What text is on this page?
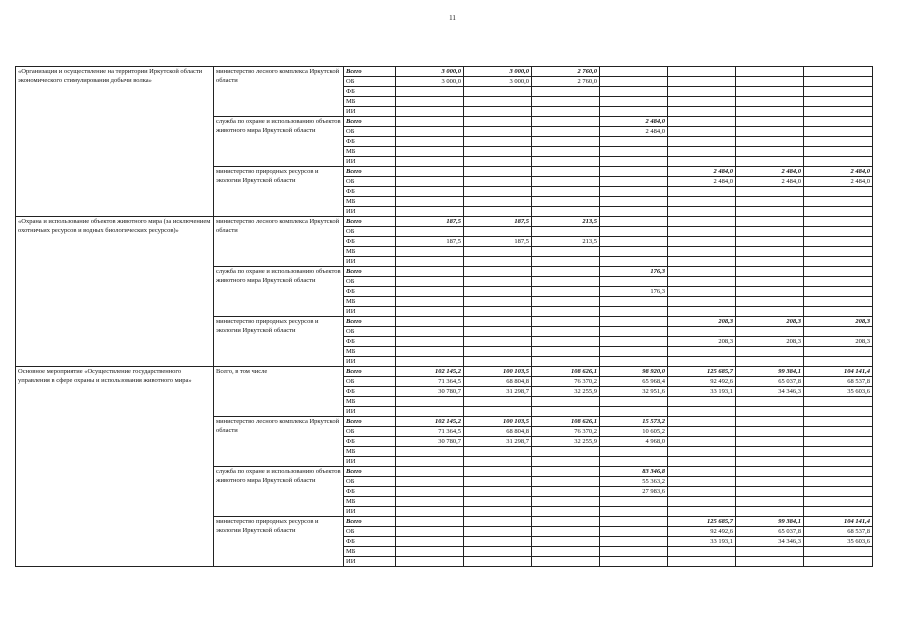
11
«Организация и осуществление на территории Иркутской области экономического стимулирования добычи волка»	министерство лесного комплекса Иркутской области	Всего	3 000,0	3 000,0	2 760,0				
		ОБ	3 000,0	3 000,0	2 760,0				
		ФБ							
		МБ							
		ИИ							
	служба по охране и использованию объектов животного мира Иркутской области	Всего				2 484,0			
		ОБ				2 484,0			
		ФБ							
		МБ							
		ИИ							
	министерство природных ресурсов и экологии Иркутской области	Всего					2 484,0	2 484,0	2 484,0
		ОБ					2 484,0	2 484,0	2 484,0
		ФБ							
		МБ							
		ИИ							
«Охрана и использование объектов животного мира (за исключением охотничьих ресурсов и водных биологических ресурсов)»	министерство лесного комплекса Иркутской области	Всего	187,5	187,5	213,5				
		ОБ							
		ФБ	187,5	187,5	213,5				
		МБ							
		ИИ							
	служба по охране и использованию объектов животного мира Иркутской области	Всего				176,3			
		ОБ							
		ФБ				176,3			
		МБ							
		ИИ							
	министерство природных ресурсов и экологии Иркутской области	Всего					208,3	208,3	208,3
		ОБ							
		ФБ					208,3	208,3	208,3
		МБ							
		ИИ							
Основное мероприятие «Осуществление государственного управления в сфере охраны и использования животного мира»	Всего, в том числе	Всего	102 145,2	100 103,5	108 626,1	98 920,0	125 685,7	99 384,1	104 141,4
		ОБ	71 364,5	68 804,8	76 370,2	65 968,4	92 492,6	65 037,8	68 537,8
		ФБ	30 780,7	31 298,7	32 255,9	32 951,6	33 193,1	34 346,3	35 603,6
		МБ							
		ИИ							
	министерство лесного комплекса Иркутской области	Всего	102 145,2	100 103,5	108 626,1	15 573,2			
		ОБ	71 364,5	68 804,8	76 370,2	10 605,2			
		ФБ	30 780,7	31 298,7	32 255,9	4 968,0			
		МБ							
		ИИ							
	служба по охране и использованию объектов животного мира Иркутской области	Всего				83 346,8			
		ОБ				55 363,2			
		ФБ				27 983,6			
		МБ							
		ИИ							
	министерство природных ресурсов и экологии Иркутской области	Всего					125 685,7	99 384,1	104 141,4
		ОБ					92 492,6	65 037,8	68 537,8
		ФБ					33 193,1	34 346,3	35 603,6
		МБ							
		ИИ							
